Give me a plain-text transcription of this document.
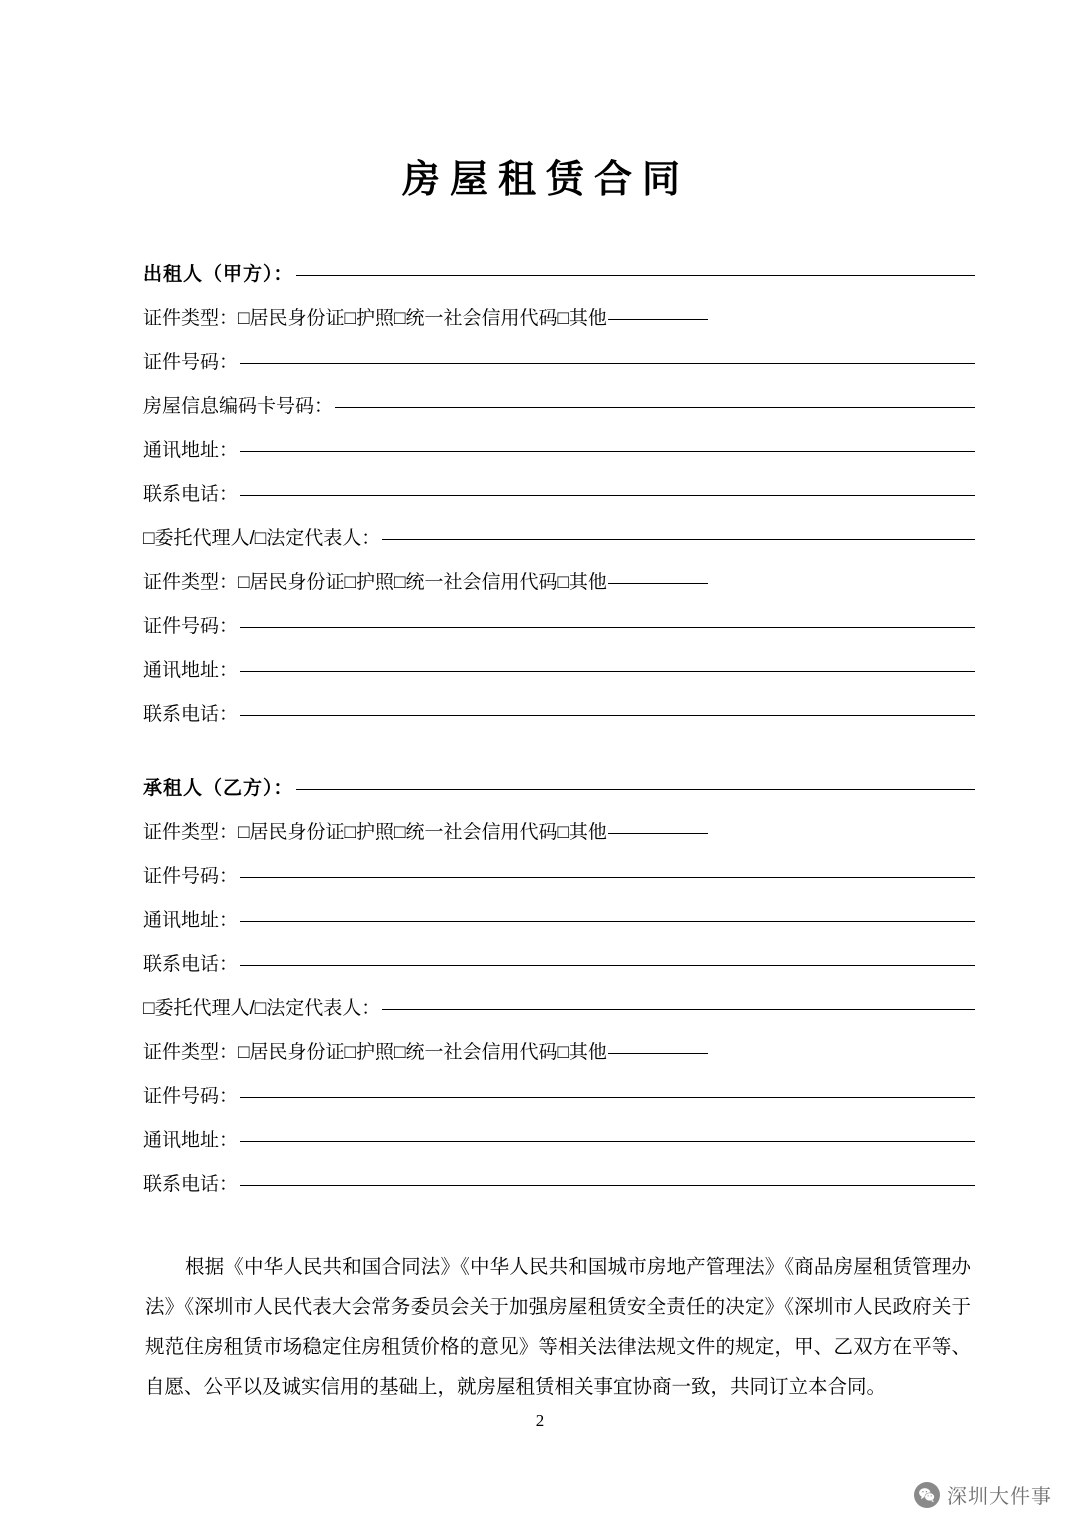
房屋租赁合同
出租人（甲方）：
证件类型： □居民身份证□护照□统一社会信用代码□其他
证件号码：
房屋信息编码卡号码：
通讯地址：
联系电话：
□委托代理人/□法定代表人：
证件类型： □居民身份证□护照□统一社会信用代码□其他
证件号码：
通讯地址：
联系电话：
承租人（乙方）：
证件类型： □居民身份证□护照□统一社会信用代码□其他
证件号码：
通讯地址：
联系电话：
□委托代理人/□法定代表人：
证件类型： □居民身份证□护照□统一社会信用代码□其他
证件号码：
通讯地址：
联系电话：

根据《中华人民共和国合同法》《中华人民共和国城市房地产管理法》《商品房屋租赁管理办法》《深圳市人民代表大会常务委员会关于加强房屋租赁安全责任的决定》《深圳市人民政府关于规范住房租赁市场稳定住房租赁价格的意见》等相关法律法规文件的规定，甲、乙双方在平等、自愿、公平以及诚实信用的基础上，就房屋租赁相关事宜协商一致，共同订立本合同。

2
深圳大件事
